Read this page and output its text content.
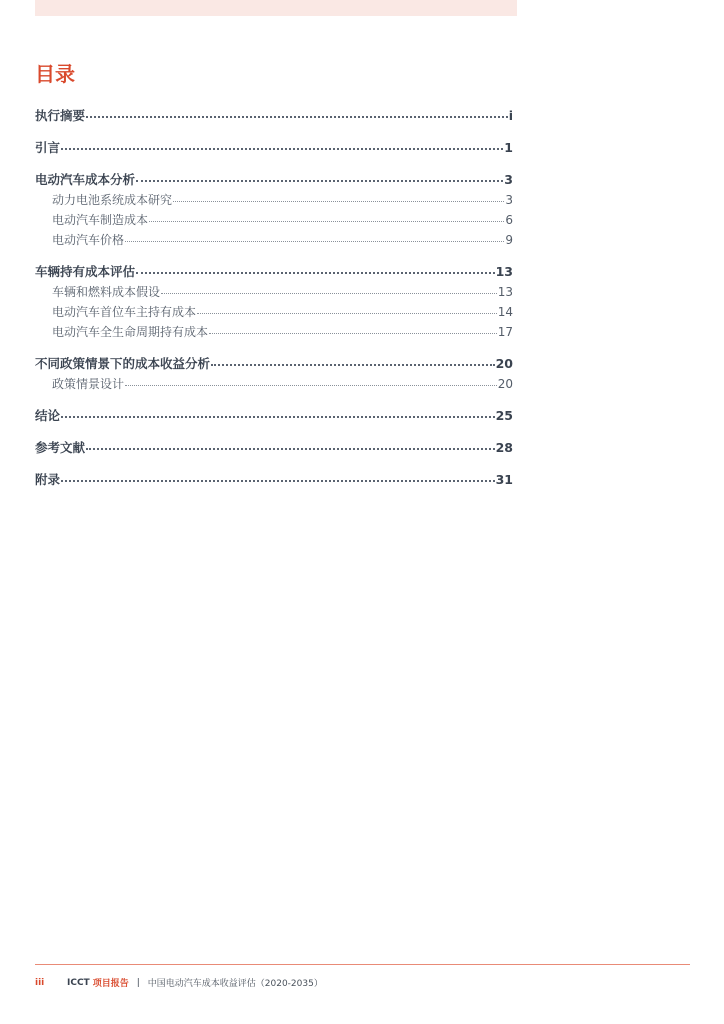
目录
执行摘要	i
引言	1
电动汽车成本分析	3
动力电池系统成本研究	3
电动汽车制造成本	6
电动汽车价格	9
车辆持有成本评估	13
车辆和燃料成本假设	13
电动汽车首位车主持有成本	14
电动汽车全生命周期持有成本	17
不同政策情景下的成本收益分析	20
政策情景设计	20
结论	25
参考文献	28
附录	31
iii	ICCT 项目报告 | 中国电动汽车成本收益评估（2020-2035）
